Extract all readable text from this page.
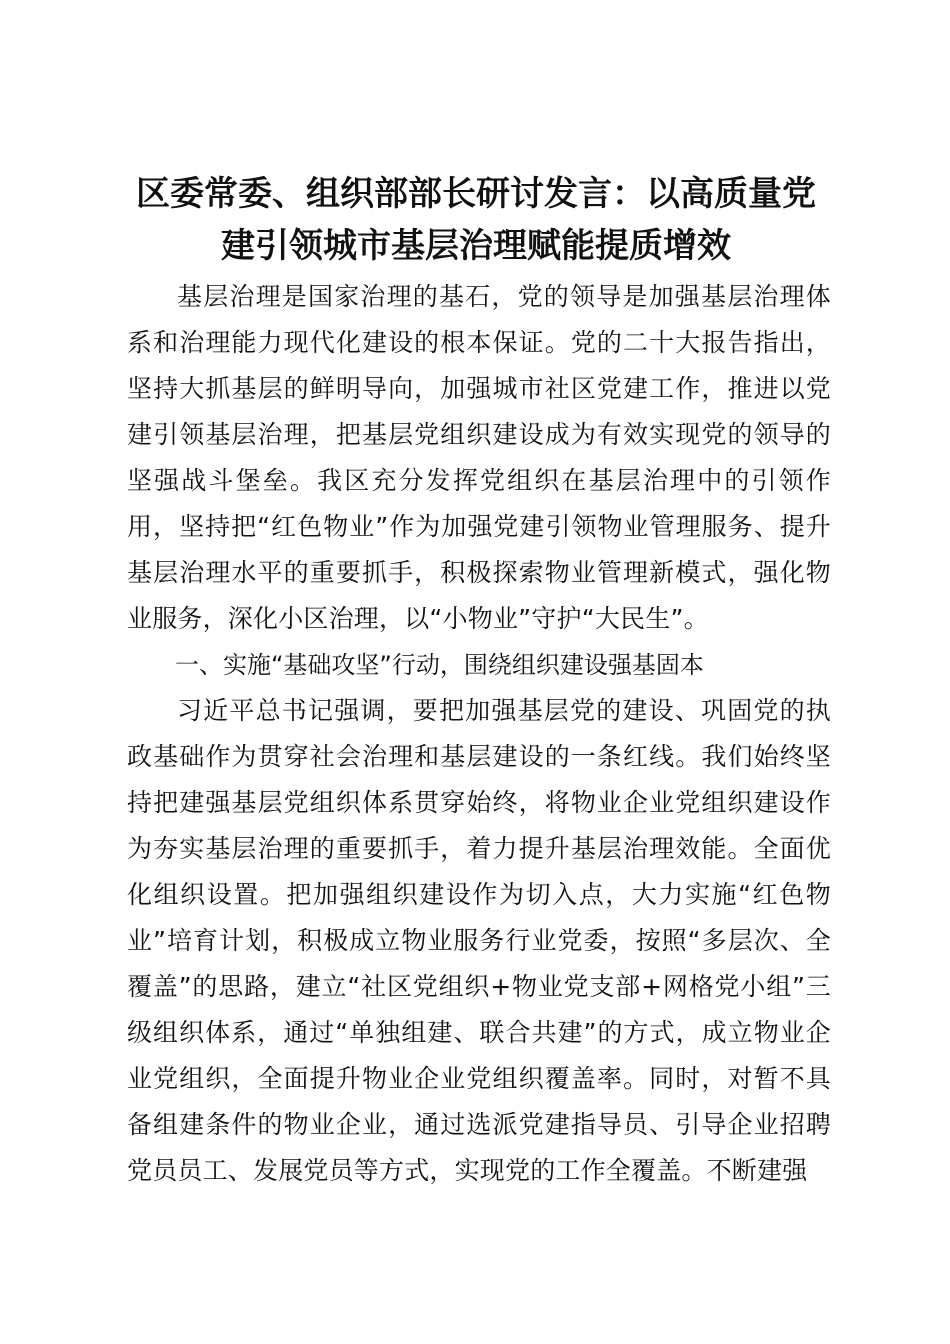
区委常委、组织部部长研讨发言：以高质量党
建引领城市基层治理赋能提质增效

基层治理是国家治理的基石，党的领导是加强基层治理体系和治理能力现代化建设的根本保证。党的二十大报告指出，坚持大抓基层的鲜明导向，加强城市社区党建工作，推进以党建引领基层治理，把基层党组织建设成为有效实现党的领导的坚强战斗堡垒。我区充分发挥党组织在基层治理中的引领作用，坚持把“红色物业”作为加强党建引领物业管理服务、提升基层治理水平的重要抓手，积极探索物业管理新模式，强化物业服务，深化小区治理，以“小物业”守护“大民生”。

一、实施“基础攻坚”行动，围绕组织建设强基固本

习近平总书记强调，要把加强基层党的建设、巩固党的执政基础作为贯穿社会治理和基层建设的一条红线。我们始终坚持把建强基层党组织体系贯穿始终，将物业企业党组织建设作为夯实基层治理的重要抓手，着力提升基层治理效能。全面优化组织设置。把加强组织建设作为切入点，大力实施“红色物业”培育计划，积极成立物业服务行业党委，按照“多层次、全覆盖”的思路，建立“社区党组织+物业党支部+网格党小组”三级组织体系，通过“单独组建、联合共建”的方式，成立物业企业党组织，全面提升物业企业党组织覆盖率。同时，对暂不具备组建条件的物业企业，通过选派党建指导员、引导企业招聘党员员工、发展党员等方式，实现党的工作全覆盖。不断建强
